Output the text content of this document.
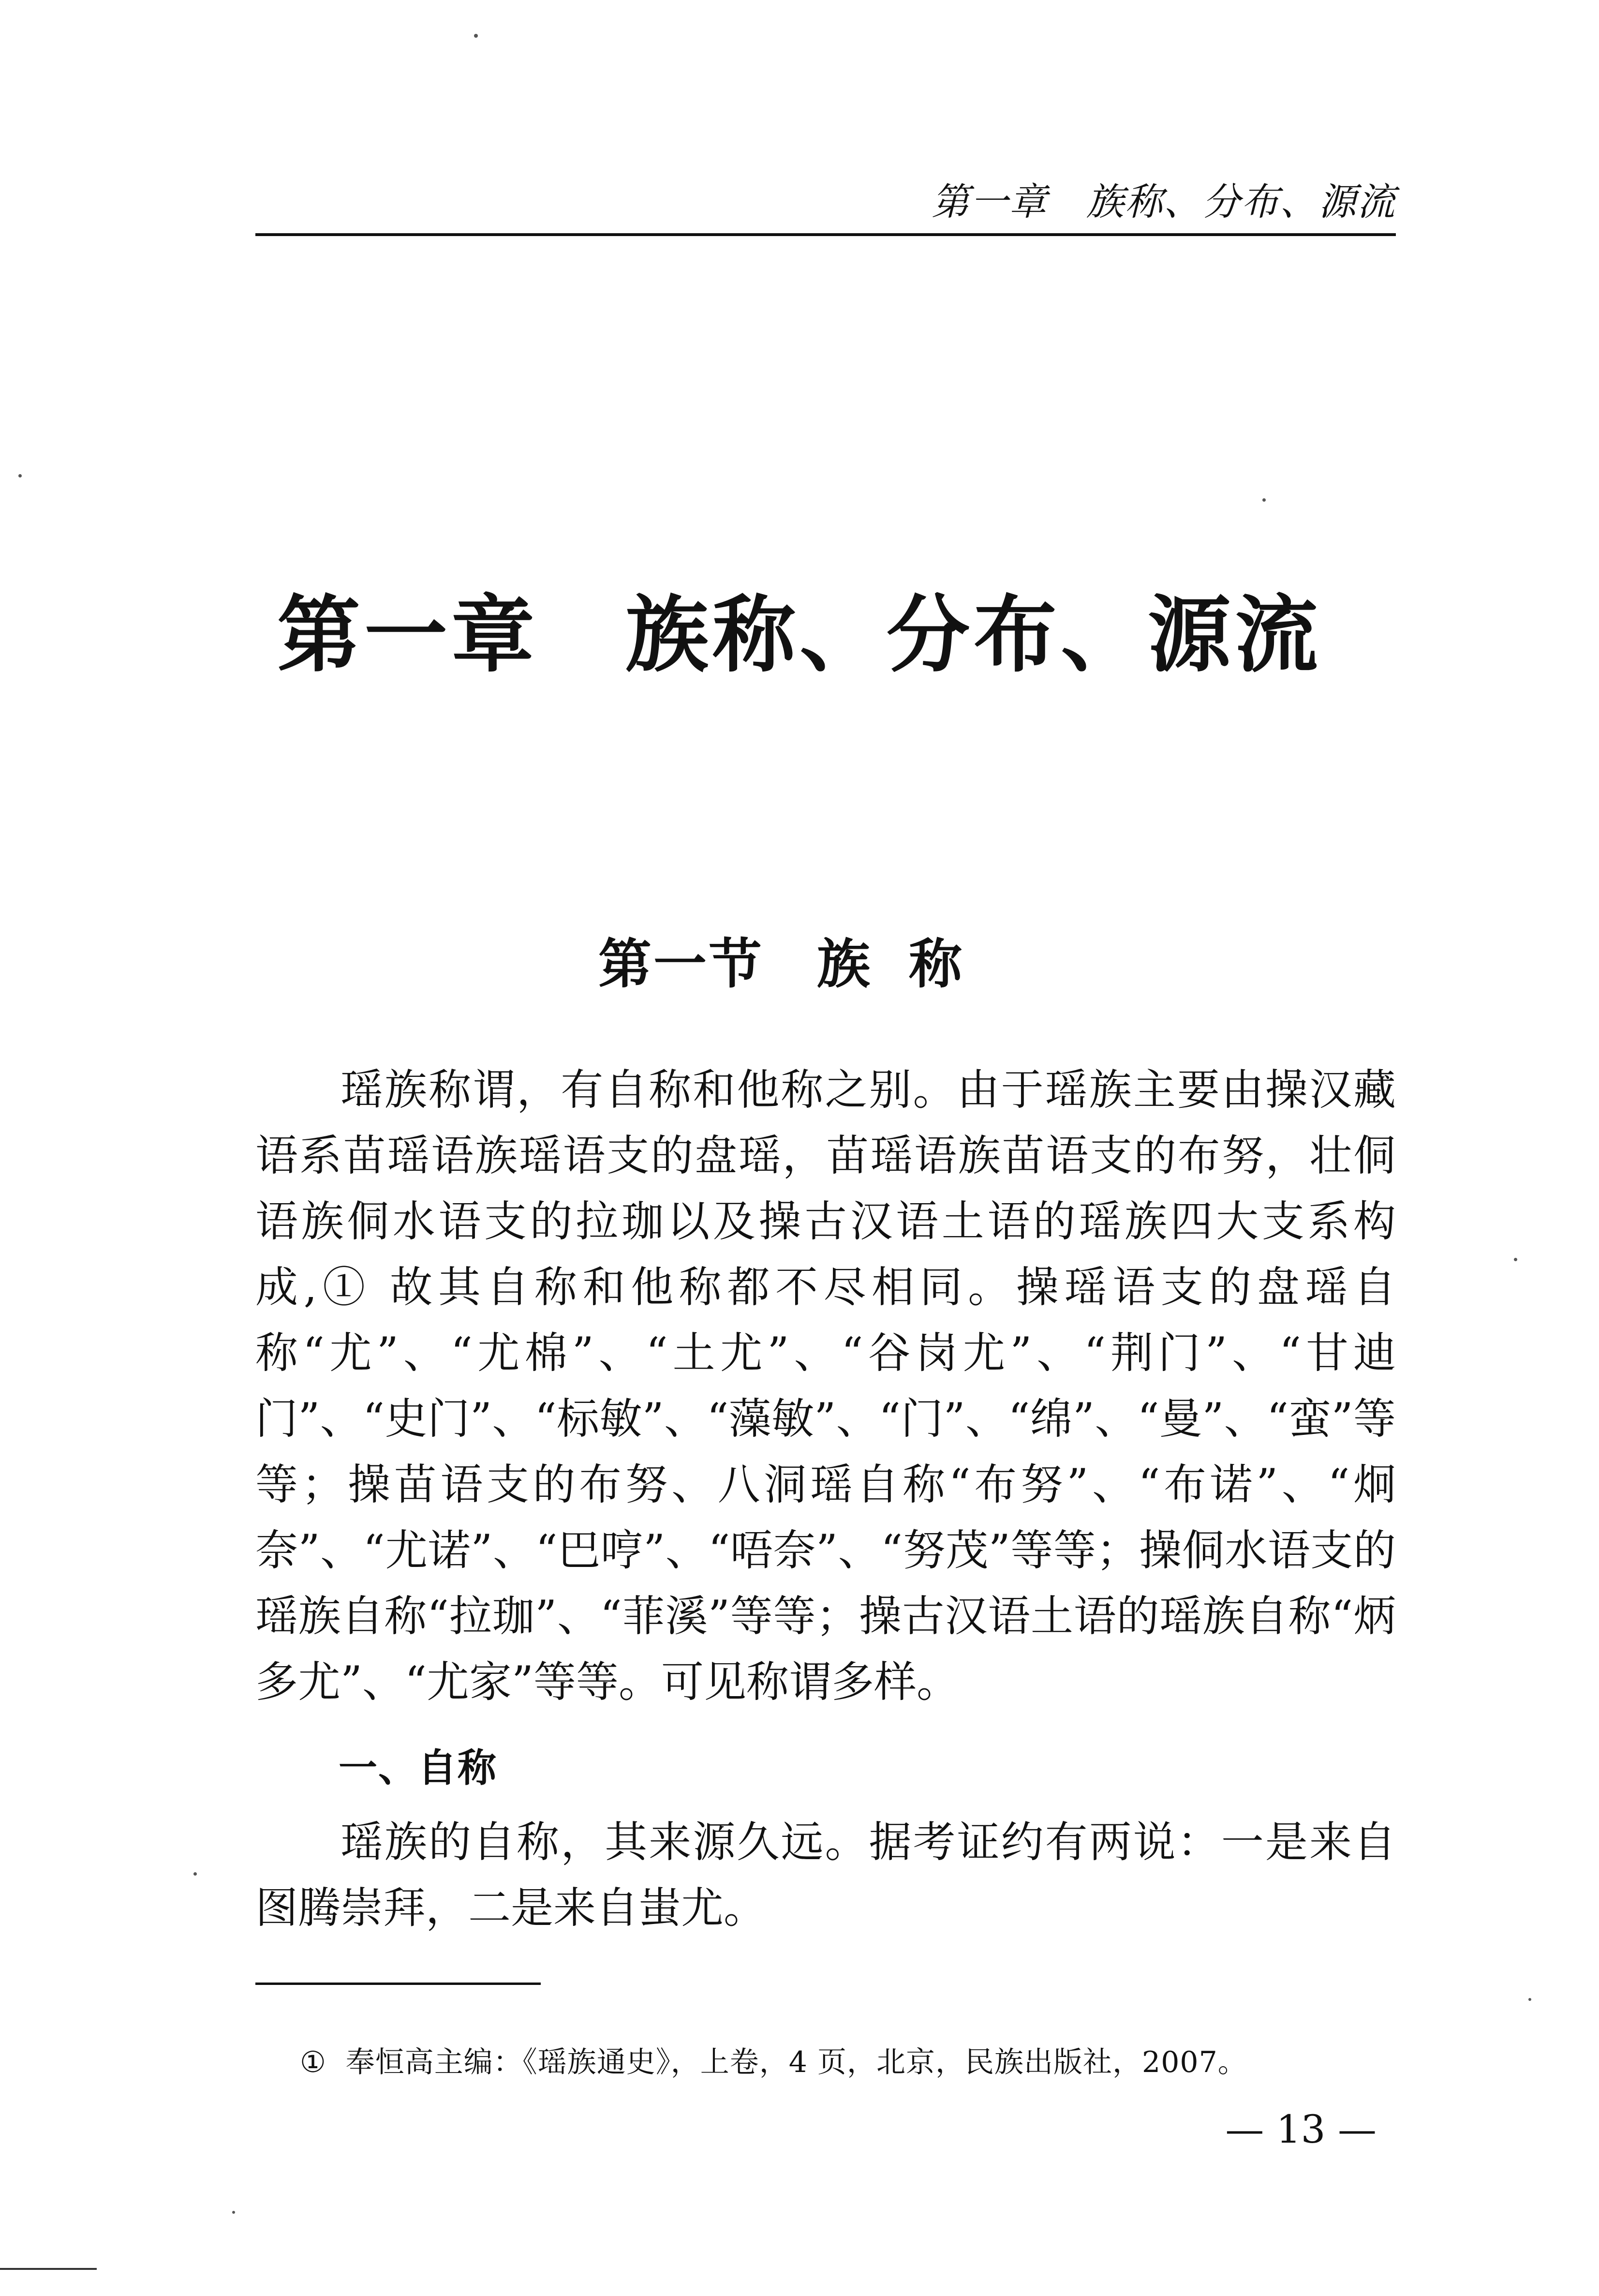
第一章 族称、分布、源流
第一章 族称、分布、源流
第一节 族称

瑶族称谓，有自称和他称之别。由于瑶族主要由操汉藏语系苗瑶语族瑶语支的盘瑶，苗瑶语族苗语支的布努，壮侗语族侗水语支的拉珈以及操古汉语土语的瑶族四大支系构成,① 故其自称和他称都不尽相同。操瑶语支的盘瑶自称“尤”、“尤棉”、“土尤”、“谷岗尤”、“荆门”、“甘迪门”、“史门”、“标敏”、“藻敏”、“门”、“绵”、“曼”、“蛮”等等；操苗语支的布努、八洞瑶自称“布努”、“布诺”、“炯奈”、“尤诺”、“巴哼”、“唔奈”、“努茂”等等；操侗水语支的瑶族自称“拉珈”、“菲溪”等等；操古汉语土语的瑶族自称“炳多尤”、“尤家”等等。可见称谓多样。

一、自称

瑶族的自称，其来源久远。据考证约有两说：一是来自图腾崇拜，二是来自蚩尤。

① 奉恒高主编：《瑶族通史》，上卷，4 页，北京，民族出版社，2007。
— 13 —
